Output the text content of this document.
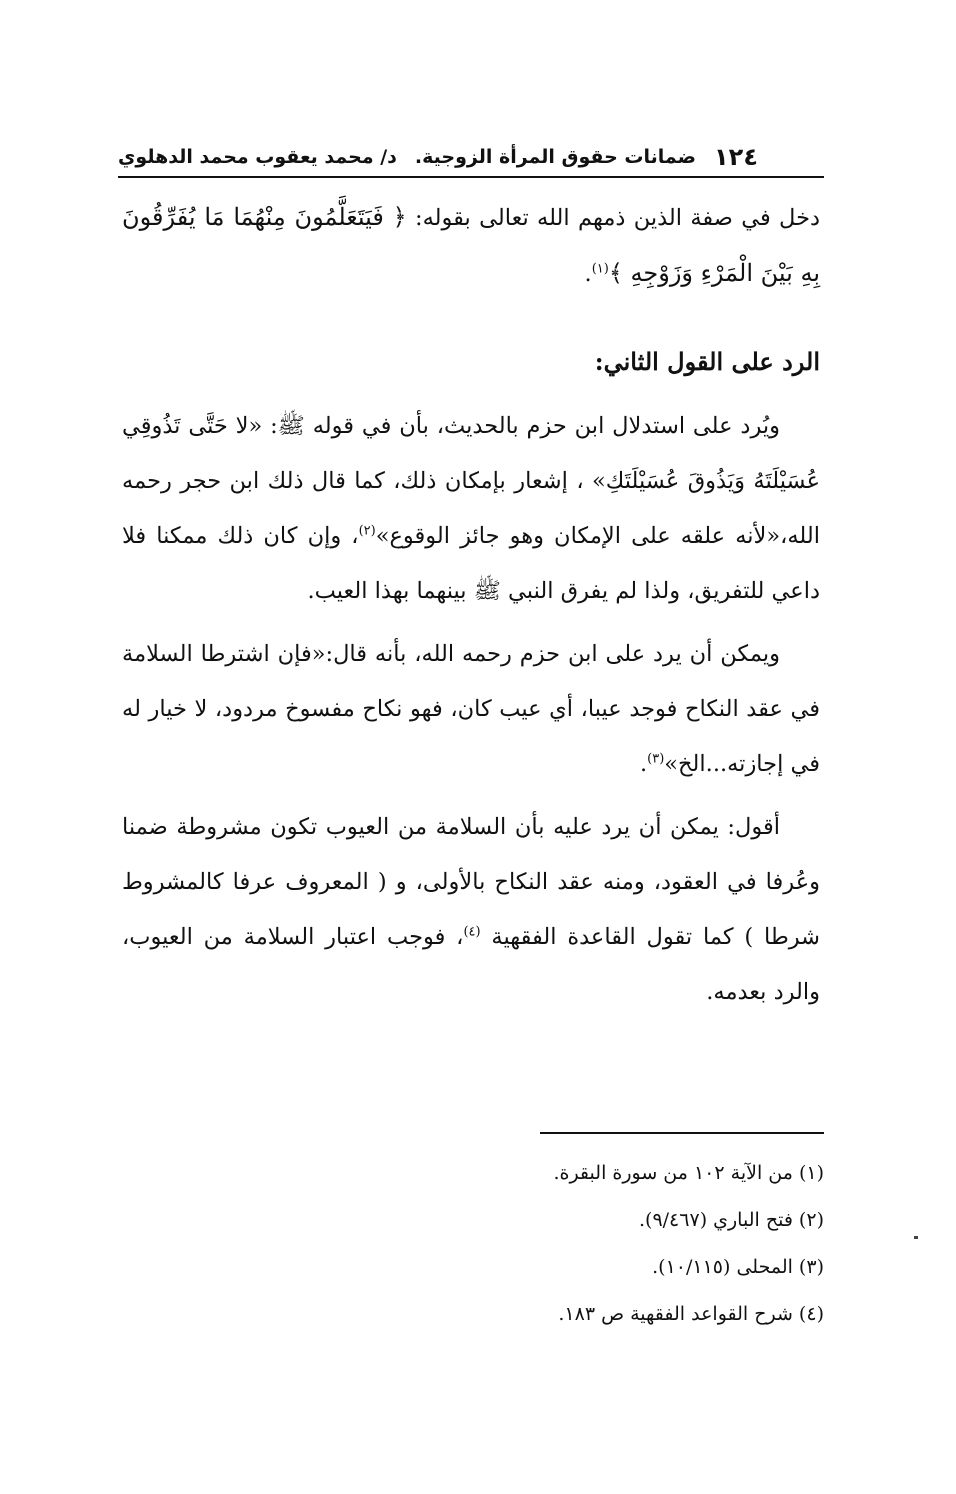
١٢٤
ضمانات حقوق المرأة الزوجية.
د/ محمد يعقوب محمد الدهلوي

دخل في صفة الذين ذمهم الله تعالى بقوله: ﴿ فَيَتَعَلَّمُونَ مِنْهُمَا مَا يُفَرِّقُونَ بِهِ بَيْنَ الْمَرْءِ وَزَوْجِهِ ﴾$^{(١)}$.

الرد على القول الثاني:

ويُرد على استدلال ابن حزم بالحديث، بأن في قوله ﷺ: «لا حَتَّى تَذُوقِي عُسَيْلَتَهُ وَيَذُوقَ عُسَيْلَتَكِ» ، إشعار بإمكان ذلك، كما قال ذلك ابن حجر رحمه الله،«لأنه علقه على الإمكان وهو جائز الوقوع»$^{(٢)}$، وإن كان ذلك ممكنا فلا داعي للتفريق، ولذا لم يفرق النبي ﷺ بينهما بهذا العيب.

ويمكن أن يرد على ابن حزم رحمه الله، بأنه قال:«فإن اشترطا السلامة في عقد النكاح فوجد عيبا، أي عيب كان، فهو نكاح مفسوخ مردود، لا خيار له في إجازته...الخ»$^{(٣)}$.

أقول: يمكن أن يرد عليه بأن السلامة من العيوب تكون مشروطة ضمنا وعُرفا في العقود، ومنه عقد النكاح بالأولى، و ( المعروف عرفا كالمشروط شرطا ) كما تقول القاعدة الفقهية $^{(٤)}$، فوجب اعتبار السلامة من العيوب، والرد بعدمه.

(١) من الآية ١٠٢ من سورة البقرة.
(٢) فتح الباري (٩/٤٦٧).
(٣) المحلى (١٠/١١٥).
(٤) شرح القواعد الفقهية ص ١٨٣.
